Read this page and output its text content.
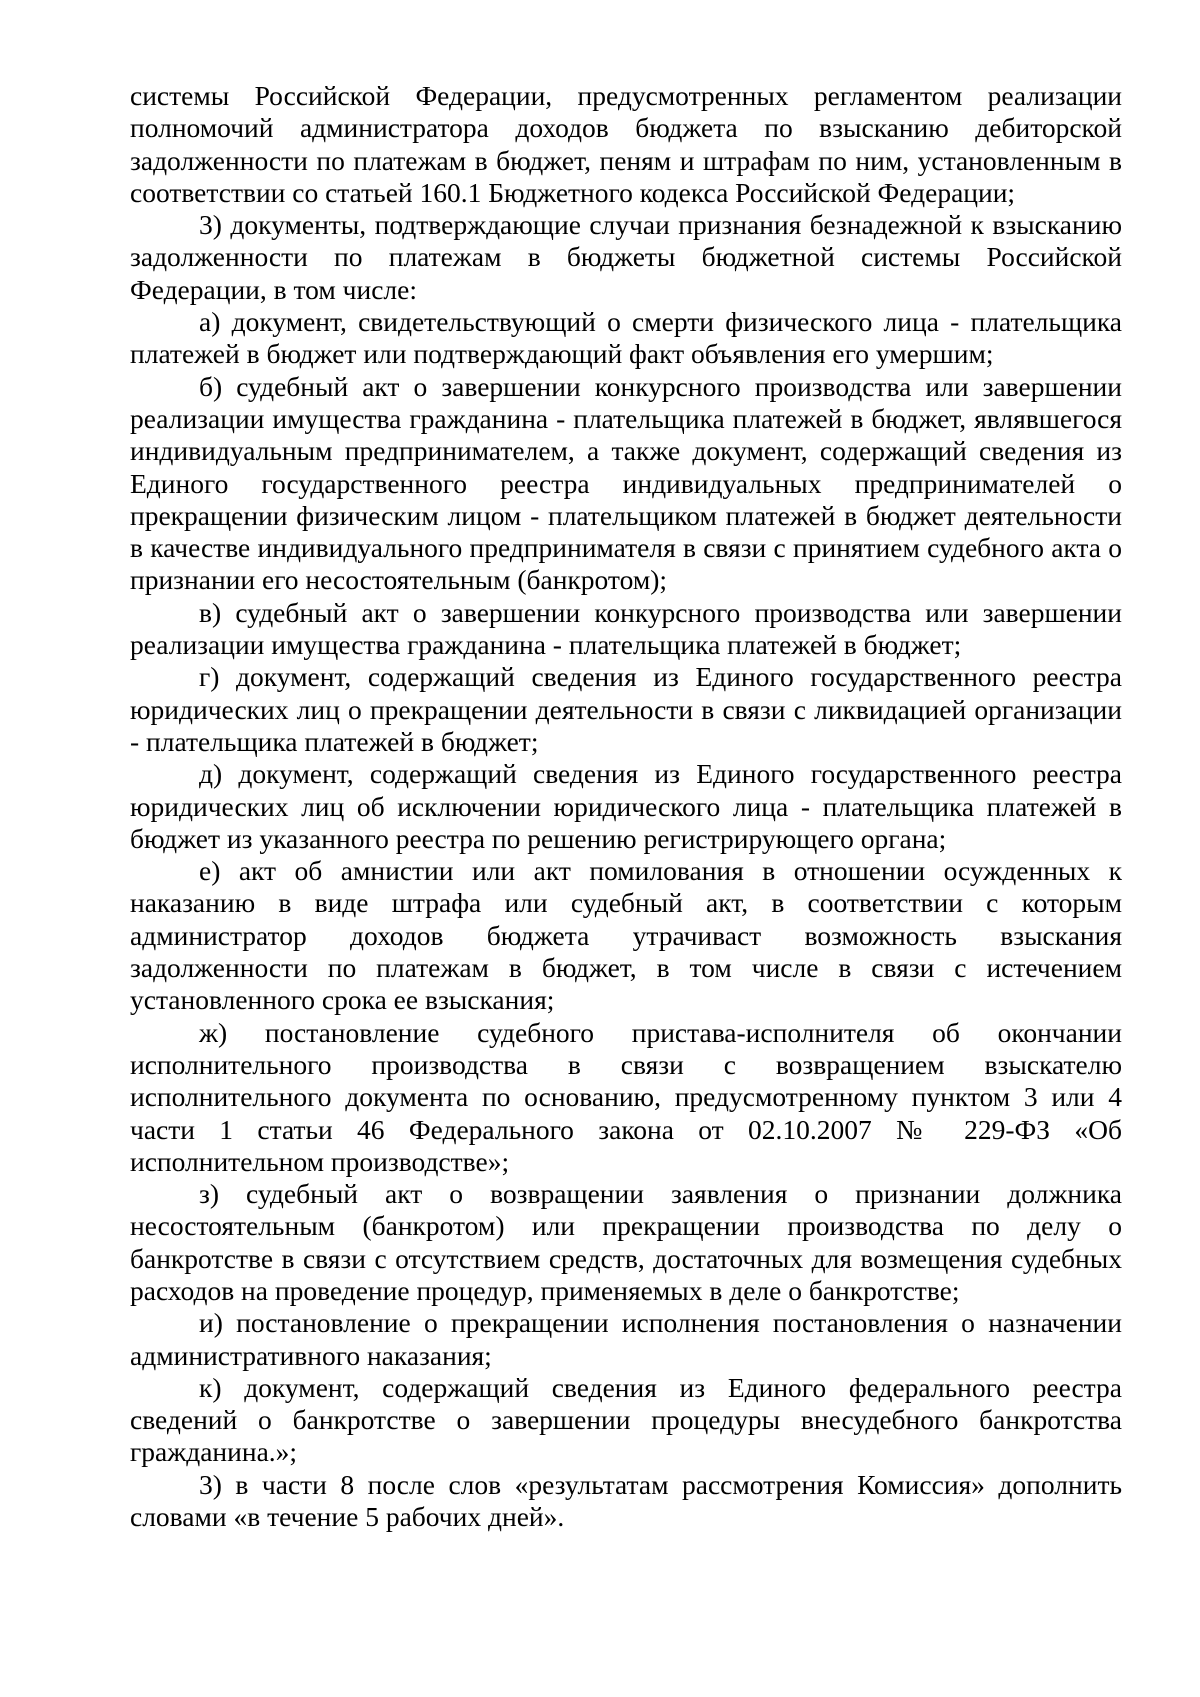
системы Российской Федерации, предусмотренных регламентом реализации полномочий администратора доходов бюджета по взысканию дебиторской задолженности по платежам в бюджет, пеням и штрафам по ним, установленным в соответствии со статьей 160.1 Бюджетного кодекса Российской Федерации;

3) документы, подтверждающие случаи признания безнадежной к взысканию задолженности по платежам в бюджеты бюджетной системы Российской Федерации, в том числе:

а) документ, свидетельствующий о смерти физического лица - плательщика платежей в бюджет или подтверждающий факт объявления его умершим;

б) судебный акт о завершении конкурсного производства или завершении реализации имущества гражданина - плательщика платежей в бюджет, являвшегося индивидуальным предпринимателем, а также документ, содержащий сведения из Единого государственного реестра индивидуальных предпринимателей о прекращении физическим лицом - плательщиком платежей в бюджет деятельности в качестве индивидуального предпринимателя в связи с принятием судебного акта о признании его несостоятельным (банкротом);

в) судебный акт о завершении конкурсного производства или завершении реализации имущества гражданина - плательщика платежей в бюджет;

г) документ, содержащий сведения из Единого государственного реестра юридических лиц о прекращении деятельности в связи с ликвидацией организации - плательщика платежей в бюджет;

д) документ, содержащий сведения из Единого государственного реестра юридических лиц об исключении юридического лица - плательщика платежей в бюджет из указанного реестра по решению регистрирующего органа;

е) акт об амнистии или акт помилования в отношении осужденных к наказанию в виде штрафа или судебный акт, в соответствии с которым администратор доходов бюджета утрачиваст возможность взыскания задолженности по платежам в бюджет, в том числе в связи с истечением установленного срока ее взыскания;

ж) постановление судебного пристава-исполнителя об окончании исполнительного производства в связи с возвращением взыскателю исполнительного документа по основанию, предусмотренному пунктом 3 или 4 части 1 статьи 46 Федерального закона от 02.10.2007 № 229-ФЗ «Об исполнительном производстве»;

з) судебный акт о возвращении заявления о признании должника несостоятельным (банкротом) или прекращении производства по делу о банкротстве в связи с отсутствием средств, достаточных для возмещения судебных расходов на проведение процедур, применяемых в деле о банкротстве;

и) постановление о прекращении исполнения постановления о назначении административного наказания;

к) документ, содержащий сведения из Единого федерального реестра сведений о банкротстве о завершении процедуры внесудебного банкротства гражданина.»;

3) в части 8 после слов «результатам рассмотрения Комиссия» дополнить словами «в течение 5 рабочих дней».
